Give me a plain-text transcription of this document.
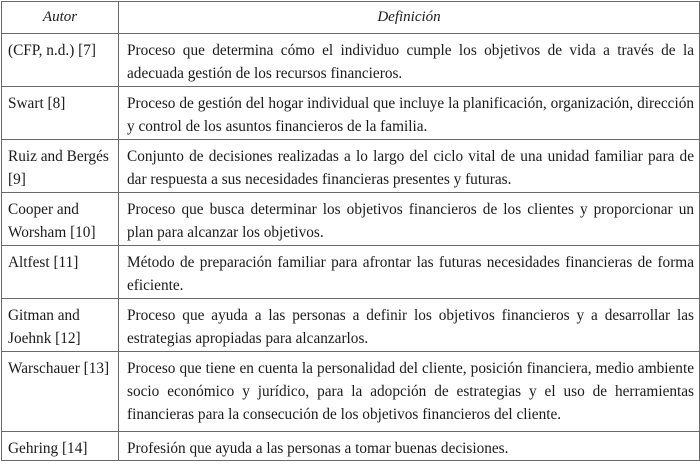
Autor	Definición
(CFP, n.d.) [7]	Proceso que determina cómo el individuo cumple los objetivos de vida a través de la adecuada gestión de los recursos financieros.
Swart [8]	Proceso de gestión del hogar individual que incluye la planificación, organización, dirección y control de los asuntos financieros de la familia.
Ruiz and Bergés [9]	Conjunto de decisiones realizadas a lo largo del ciclo vital de una unidad familiar para de dar respuesta a sus necesidades financieras presentes y futuras.
Cooper and Worsham [10]	Proceso que busca determinar los objetivos financieros de los clientes y proporcionar un plan para alcanzar los objetivos.
Altfest [11]	Método de preparación familiar para afrontar las futuras necesidades financieras de forma eficiente.
Gitman and Joehnk [12]	Proceso que ayuda a las personas a definir los objetivos financieros y a desarrollar las estrategias apropiadas para alcanzarlos.
Warschauer [13]	Proceso que tiene en cuenta la personalidad del cliente, posición financiera, medio ambiente socio económico y jurídico, para la adopción de estrategias y el uso de herramientas financieras para la consecución de los objetivos financieros del cliente.
Gehring [14]	Profesión que ayuda a las personas a tomar buenas decisiones.
